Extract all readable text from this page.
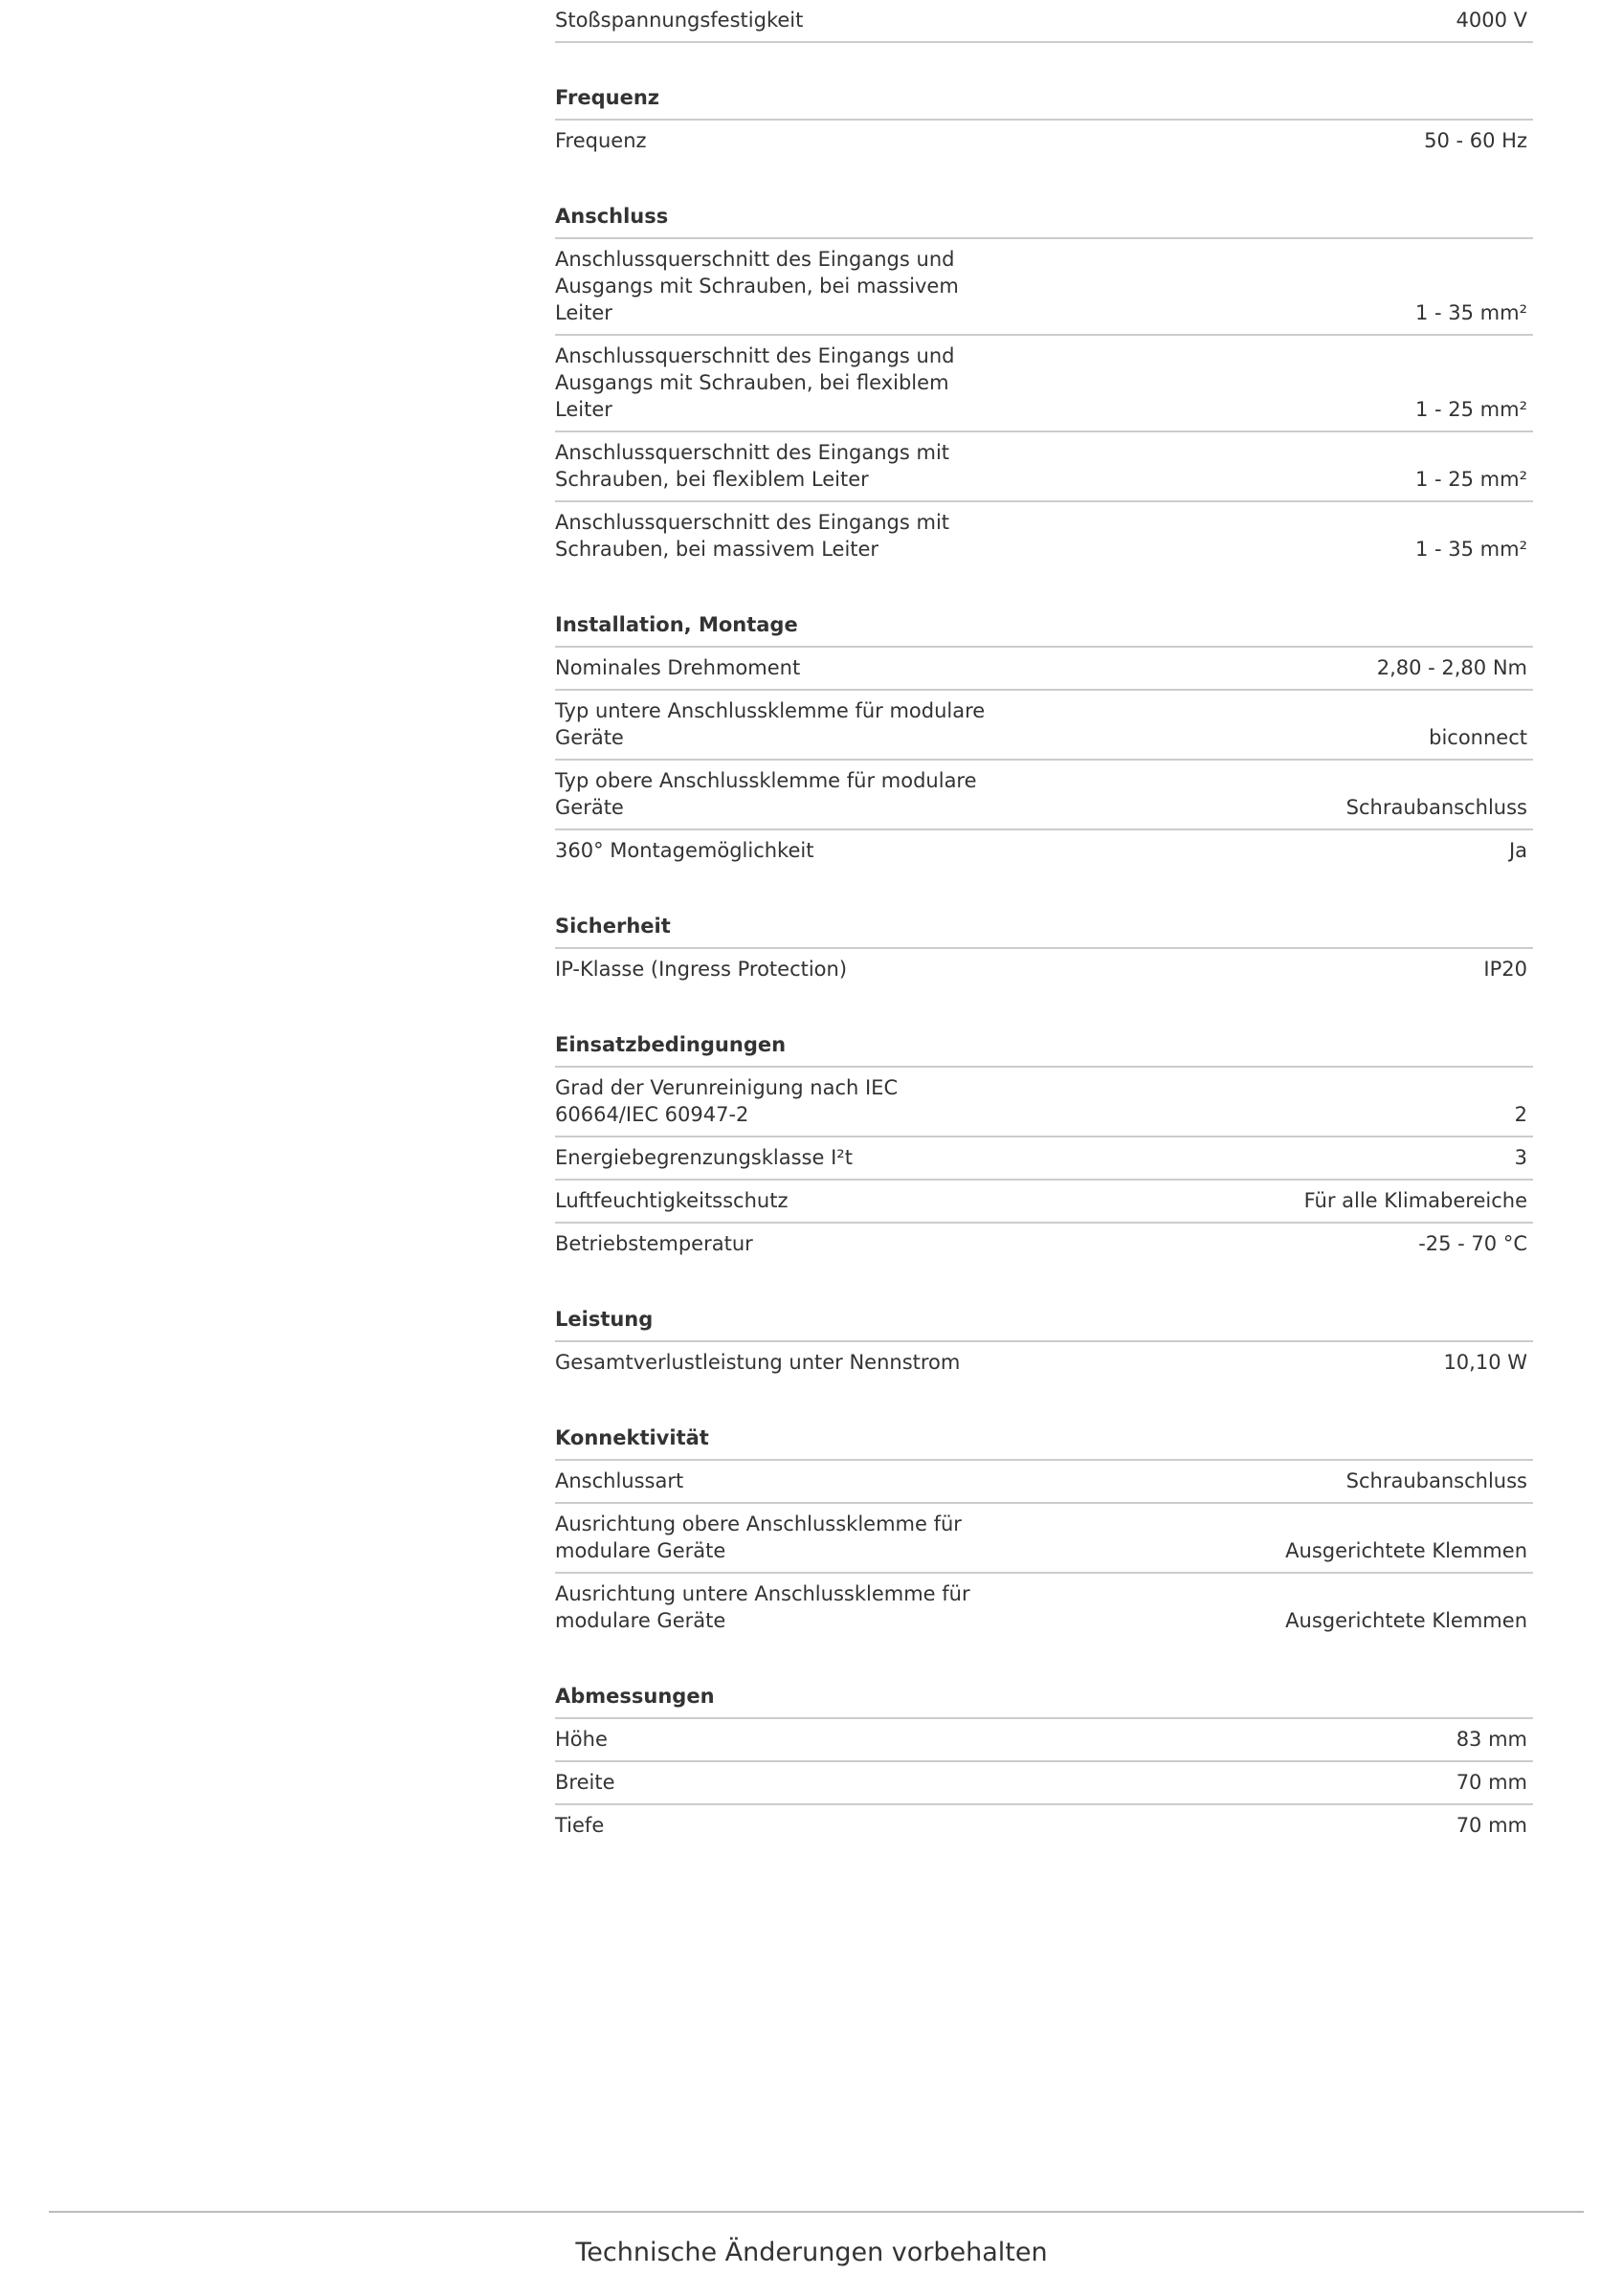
Stoßspannungsfestigkeit	4000 V
Frequenz
Frequenz	50 - 60 Hz
Anschluss
Anschlussquerschnitt des Eingangs und Ausgangs mit Schrauben, bei massivem Leiter	1 - 35 mm²
Anschlussquerschnitt des Eingangs und Ausgangs mit Schrauben, bei flexiblem Leiter	1 - 25 mm²
Anschlussquerschnitt des Eingangs mit Schrauben, bei flexiblem Leiter	1 - 25 mm²
Anschlussquerschnitt des Eingangs mit Schrauben, bei massivem Leiter	1 - 35 mm²
Installation, Montage
Nominales Drehmoment	2,80 - 2,80 Nm
Typ untere Anschlussklemme für modulare Geräte	biconnect
Typ obere Anschlussklemme für modulare Geräte	Schraubanschluss
360° Montagemöglichkeit	Ja
Sicherheit
IP-Klasse (Ingress Protection)	IP20
Einsatzbedingungen
Grad der Verunreinigung nach IEC 60664/IEC 60947-2	2
Energiebegrenzungsklasse I²t	3
Luftfeuchtigkeitsschutz	Für alle Klimabereiche
Betriebstemperatur	-25 - 70 °C
Leistung
Gesamtverlustleistung unter Nennstrom	10,10 W
Konnektivität
Anschlussart	Schraubanschluss
Ausrichtung obere Anschlussklemme für modulare Geräte	Ausgerichtete Klemmen
Ausrichtung untere Anschlussklemme für modulare Geräte	Ausgerichtete Klemmen
Abmessungen
Höhe	83 mm
Breite	70 mm
Tiefe	70 mm
Technische Änderungen vorbehalten
